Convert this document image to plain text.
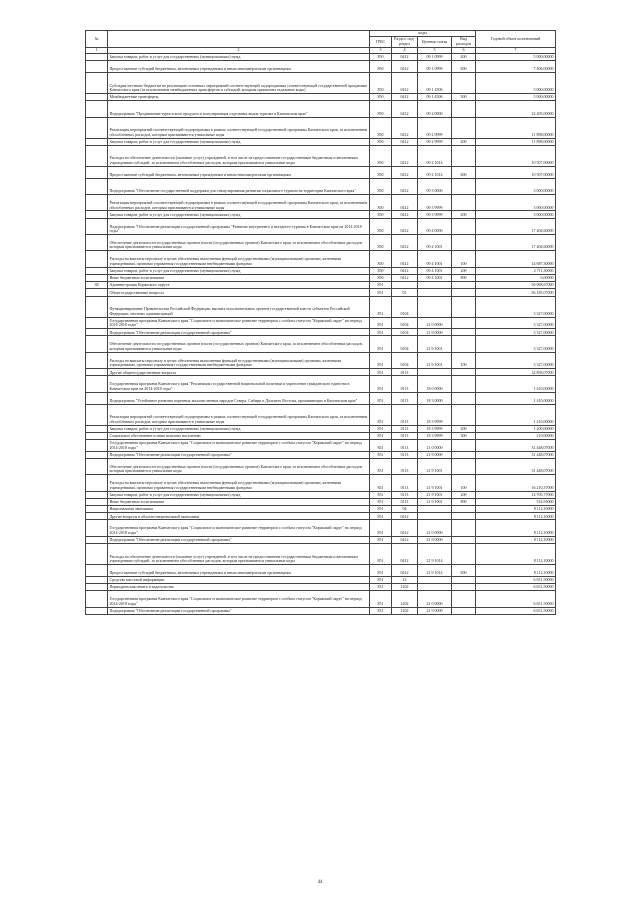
№		коды				Годовой объем ассигнований
		ГРБС	Раздел, под-раздел	Целевая статья	Вид расходов	
1	2	3	4	5	6	7
	Закупка товаров, работ и услуг для государственных (муниципальных) нужд	850	0412	09 1 0999	200	5 000,00000
	Предоставление субсидий бюджетным, автономным учреждениям и иным некоммерческим организациям	850	0412	09 1 0999	600	7 406,00000
	Субсидии местным бюджетам на реализацию основных мероприятий соответствующей подпрограммы соответствующей государственной программы Камчатского края (за исключением межбюджетных трансфертов и субсидий, которым присвоены отдельные коды)	850	0412	09 1 4506		5 000,00000
	Межбюджетные трансферты	850	0412	09 1 4506	500	5 000,00000
	Подпрограмма "Продвижение туристского продукта и популяризация отдельных видов туризма в Камчатском крае"	850	0412	09 2 0000		22 405,00000
	Реализация мероприятий соответствующей подпрограммы в рамках соответствующей государственной программы Камчатского края, за исключением обособленных расходов, которым присваиваются уникальные коды	850	0412	09 2 9999		11 898,00000
	Закупка товаров, работ и услуг для государственных (муниципальных) нужд	850	0412	09 2 9999	200	11 898,00000
	Расходы на обеспечение деятельности (оказание услуг) учреждений, в том числе на предоставление государственным бюджетным и автономным учреждениям субсидий, за исключением обособленных расходов, которым присваиваются уникальные коды	850	0412	09 2 1014		10 507,00000
	Предоставление субсидий бюджетным, автономным учреждениям и иным некоммерческим организациям	850	0412	09 2 1014	600	10 507,00000
	Подпрограмма "Обеспечение государственной поддержки для стимулирования развития социального туризма на территории Камчатского края"	850	0412	09 3 0000		3 000,00000
	Реализация мероприятий соответствующей подпрограммы в рамках соответствующей государственной программы Камчатского края, за исключением обособленных расходов, которым присваиваются уникальные коды	850	0412	09 3 9999		3 000,00000
	Закупка товаров, работ и услуг для государственных (муниципальных) нужд	850	0412	09 3 9999	200	3 000,00000
	Подпрограмма "Обеспечение реализации государственной программы "Развитие внутреннего и въездного туризма в Камчатском крае на 2014-2018 годы"	850	0412	09 4 0000		17 404,60000
	Обеспечение деятельности государственных органов власти (государственных органов) Камчатского края, за исключением обособленных расходов, которым присваиваются уникальные коды	850	0412	09 4 1001		17 404,60000
	Расходы на выплаты персоналу в целях обеспечения выполнения функций государственными (муниципальными) органами, казенными учреждениями, органами управления государственными внебюджетными фондами	850	0412	09 4 1001	100	14 687,30000
	Закупка товаров, работ и услуг для государственных (муниципальных) нужд	850	0412	09 4 1001	200	2 711,30000
	Иные бюджетные ассигнования	850	0412	09 4 1001	800	6,00000
38	Администрация Корякского округа	851				50 968,67000
	Общегосударственные вопросы	851	01			36 185,07000
	Функционирование Правительства Российской Федерации, высших исполнительных органов государственной власти субъектов Российской Федерации, местных администраций	851	0104			3 327,00000
	Государственная программа Камчатского края "Социальное и экономическое развитие территории с особым статусом "Корякский округ" на период 2014-2018 годы"	851	0104	21 0 0000		3 327,00000
	Подпрограмма "Обеспечение реализации государственной программы"	851	0104	21 9 0000		3 327,00000
	Обеспечение деятельности государственных органов власти (государственных органов) Камчатского края, за исключением обособленных расходов, которым присваиваются уникальные коды	851	0104	21 9 1001		3 327,00000
	Расходы на выплаты персоналу в целях обеспечения выполнения функций государственными (муниципальными) органами, казенными учреждениями, органами управления государственными внебюджетными фондами	851	0104	21 9 1001	100	3 327,00000
	Другие общегосударственные вопросы	851	0113			32 858,07000
	Государственная программа Камчатского края "Реализация государственной национальной политики и укрепление гражданского единства в Камчатском крае на 2014-2018 годы"	851	0113	18 0 0000		1 410,00000
	Подпрограмма "Устойчивое развитие коренных малочисленных народов Севера, Сибири и Дальнего Востока, проживающих в Камчатском крае"	851	0113	18 3 0000		1 410,00000
	Реализация мероприятий соответствующей подпрограммы в рамках соответствующей государственной программы Камчатского края, за исключением обособленных расходов, которым присваиваются уникальные коды	851	0113	18 3 9999		1 410,00000
	Закупка товаров, работ и услуг для государственных (муниципальных) нужд	851	0113	18 3 9999	200	1 200,00000
	Социальное обеспечение и иные выплаты населению	851	0113	18 3 9999	300	210,00000
	Государственная программа Камчатского края "Социальное и экономическое развитие территории с особым статусом "Корякский округ" на период 2014-2018 годы"	851	0113	21 0 0000		31 448,07000
	Подпрограмма "Обеспечение реализации государственной программы"	851	0113	21 9 0000		31 448,07000
	Обеспечение деятельности государственных органов власти (государственных органов) Камчатского края, за исключением обособленных расходов, которым присваиваются уникальные коды	851	0113	21 9 1001		31 448,07000
	Расходы на выплаты персоналу в целях обеспечения выполнения функций государственными (муниципальными) органами, казенными учреждениями, органами управления государственными внебюджетными фондами	851	0113	21 9 1001	100	16 210,37000
	Закупка товаров, работ и услуг для государственных (муниципальных) нужд	851	0113	21 9 1001	200	14 705,77000
	Иные бюджетные ассигнования	851	0113	21 9 1001	800	532,93000
	Национальная экономика	851	04			8 112,10000
	Другие вопросы в области национальной экономики	851	0412			8 112,10000
	Государственная программа Камчатского края "Социальное и экономическое развитие территории с особым статусом "Корякский округ" на период 2014-2018 годы"	851	0412	21 0 0000		8 112,10000
	Подпрограмма "Обеспечение реализации государственной программы"	851	0412	21 9 0000		8 112,10000
	Расходы на обеспечение деятельности (оказание услуг) учреждений, в том числе на предоставление государственным бюджетным и автономным учреждениям субсидий, за исключением обособленных расходов, которым присваиваются уникальные коды	851	0412	21 9 1014		8 112,10000
	Предоставление субсидий бюджетным, автономным учреждениям и иным некоммерческим организациям	851	0412	21 9 1014	600	8 112,10000
	Средства массовой информации	851	12			6 651,50000
	Периодическая печать и издательства	851	1202			6 651,50000
	Государственная программа Камчатского края "Социальное и экономическое развитие территории с особым статусом "Корякский округ" на период 2014-2018 годы"	851	1202	21 0 0000		6 651,50000
	Подпрограмма "Обеспечение реализации государственной программы"	851	1202	21 9 0000		6 651,50000
44
